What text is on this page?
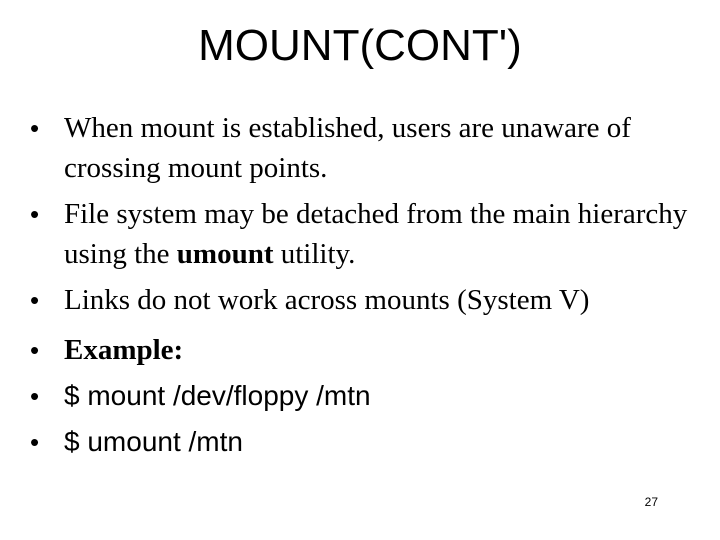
MOUNT(CONT')
• When mount is established, users are unaware of crossing mount points.
• File system may be detached from the main hierarchy using the umount utility.
• Links do not work across mounts (System V)
• Example:
• $ mount /dev/floppy /mtn
• $ umount /mtn
27
